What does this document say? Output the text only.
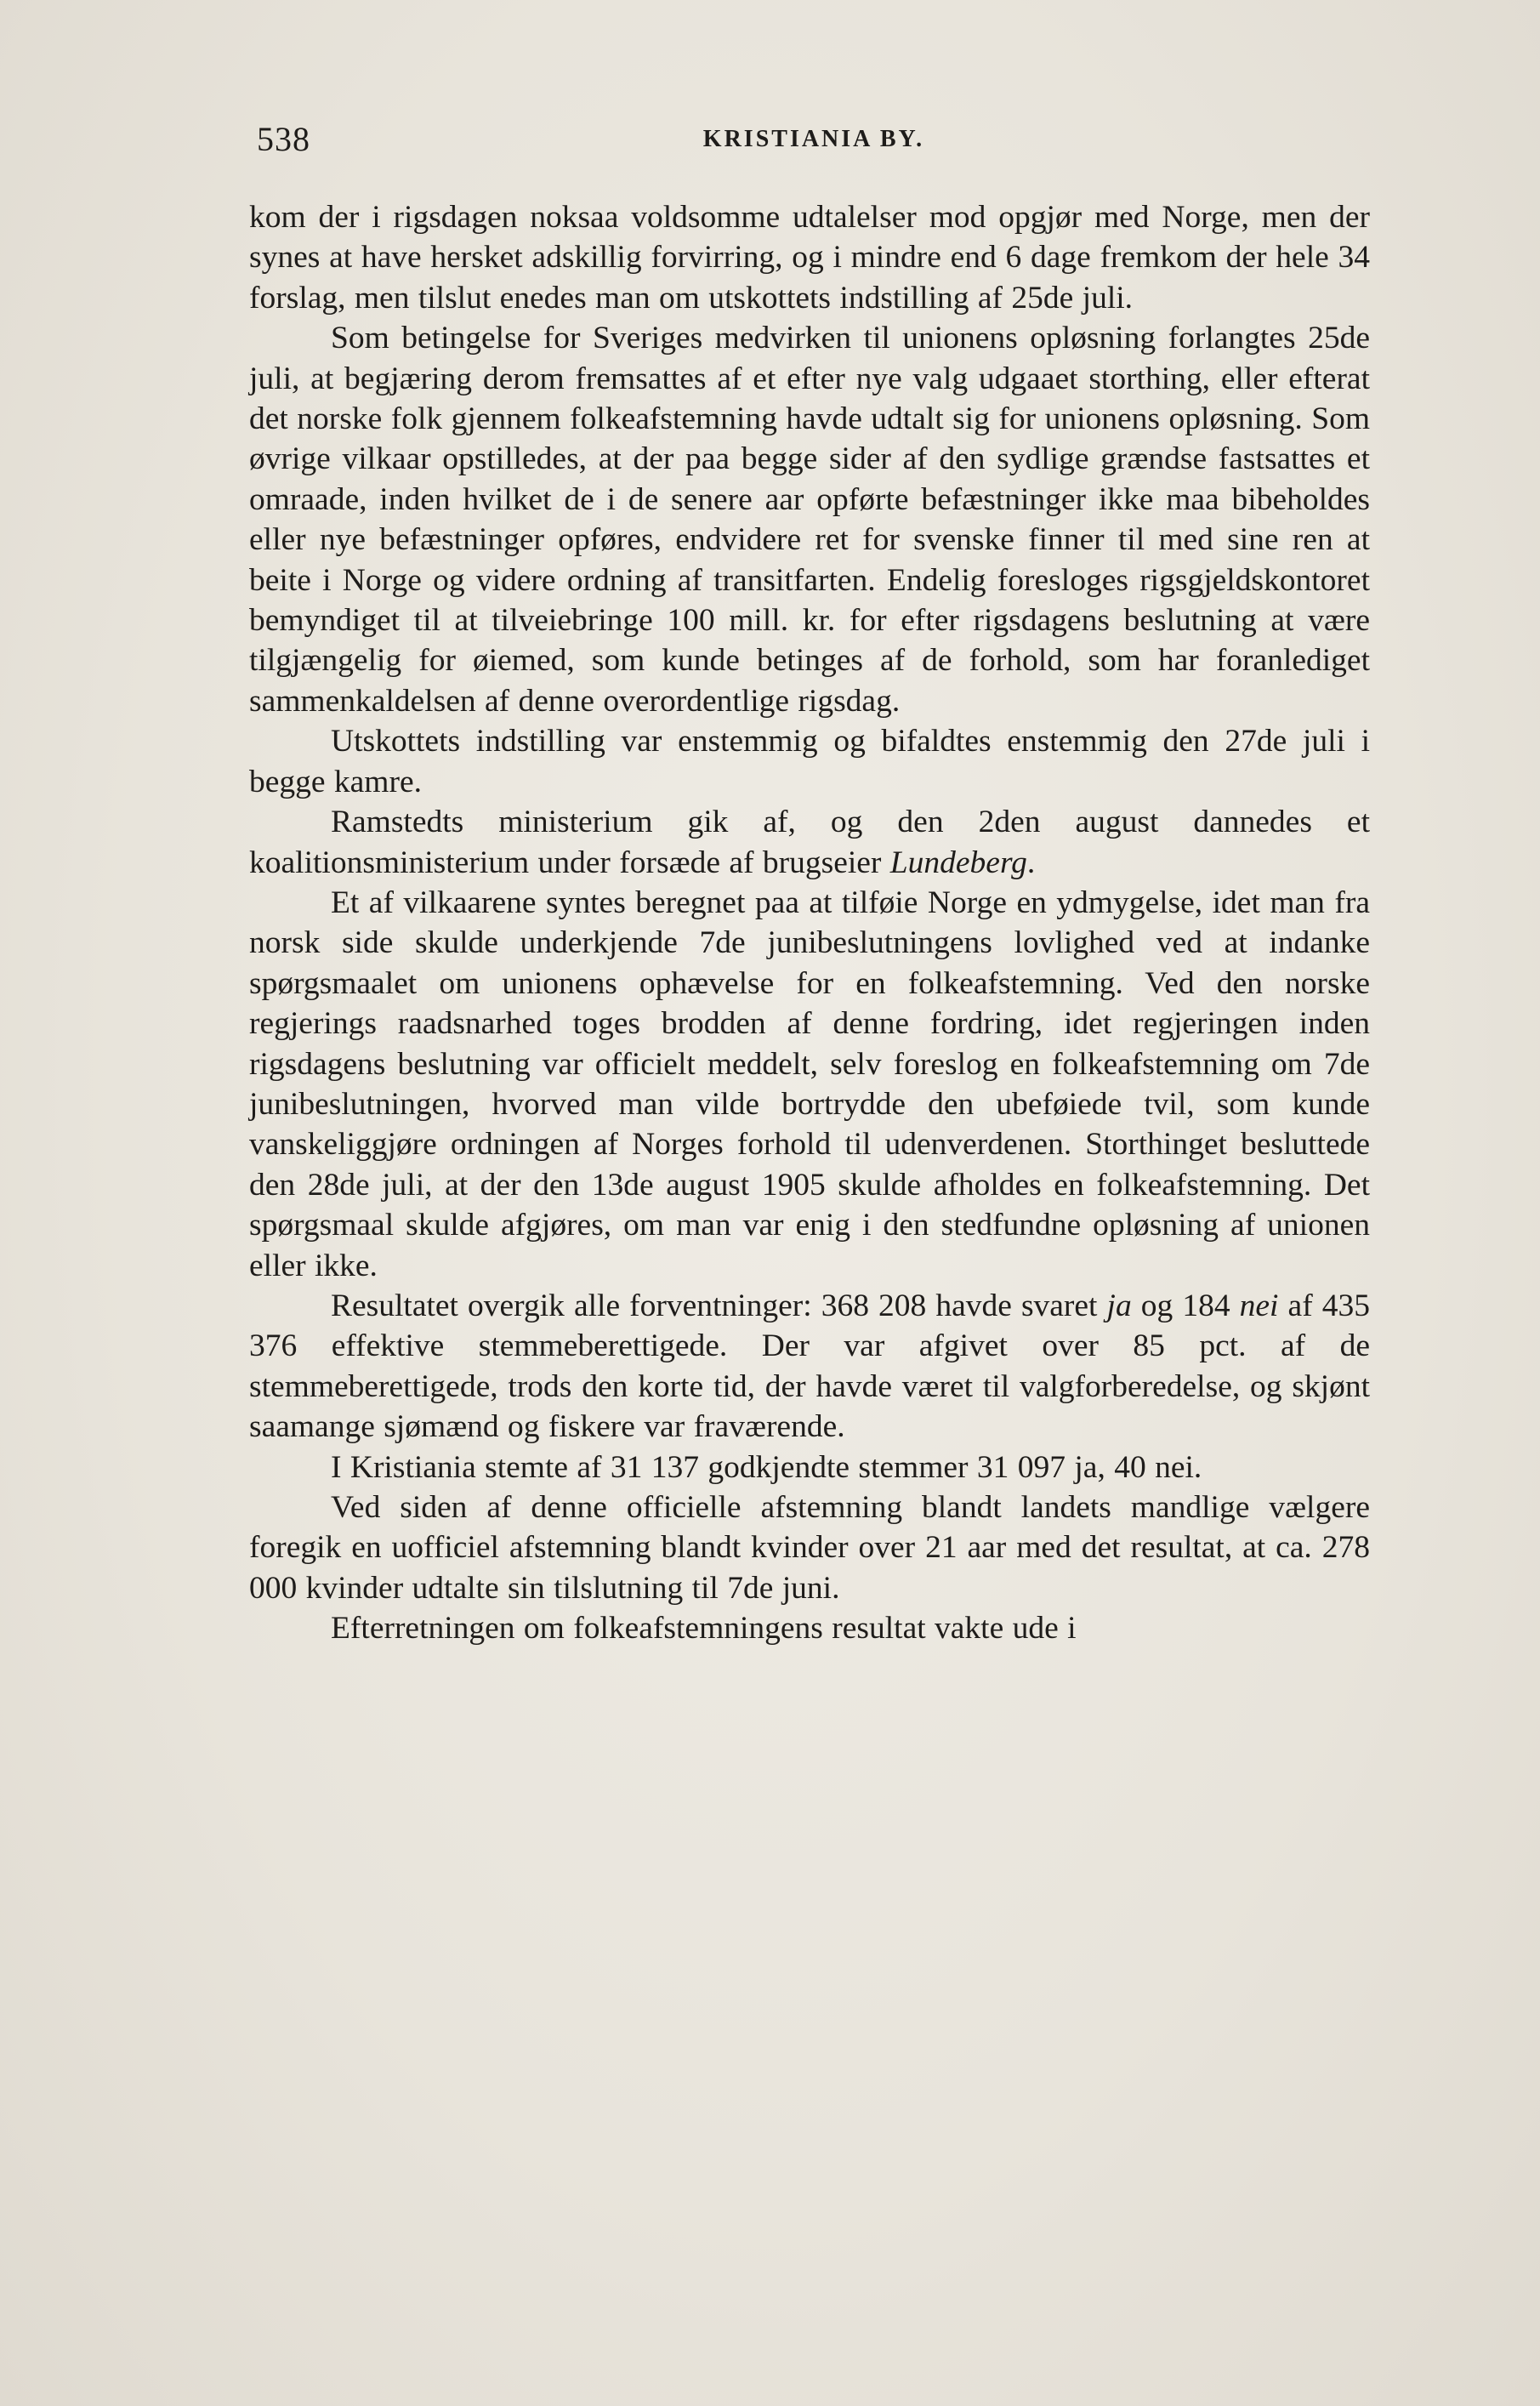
538	KRISTIANIA BY.

kom der i rigsdagen noksaa voldsomme udtalelser mod opgjør med Norge, men der synes at have hersket adskillig forvirring, og i mindre end 6 dage fremkom der hele 34 forslag, men tilslut enedes man om utskottets indstilling af 25de juli.

Som betingelse for Sveriges medvirken til unionens opløsning forlangtes 25de juli, at begjæring derom fremsattes af et efter nye valg udgaaet storthing, eller efterat det norske folk gjennem folkeafstemning havde udtalt sig for unionens opløsning. Som øvrige vilkaar opstilledes, at der paa begge sider af den sydlige grændse fastsattes et omraade, inden hvilket de i de senere aar opførte befæstninger ikke maa bibeholdes eller nye befæstninger opføres, endvidere ret for svenske finner til med sine ren at beite i Norge og videre ordning af transitfarten. Endelig foresloges rigsgjeldskontoret bemyndiget til at tilveiebringe 100 mill. kr. for efter rigsdagens beslutning at være tilgjængelig for øiemed, som kunde betinges af de forhold, som har foranlediget sammenkaldelsen af denne overordentlige rigsdag.

Utskottets indstilling var enstemmig og bifaldtes enstemmig den 27de juli i begge kamre.

Ramstedts ministerium gik af, og den 2den august dannedes et koalitionsministerium under forsæde af brugseier Lundeberg.

Et af vilkaarene syntes beregnet paa at tilføie Norge en ydmygelse, idet man fra norsk side skulde underkjende 7de junibeslutningens lovlighed ved at indanke spørgsmaalet om unionens ophævelse for en folkeafstemning. Ved den norske regjerings raadsnarhed toges brodden af denne fordring, idet regjeringen inden rigsdagens beslutning var officielt meddelt, selv foreslog en folkeafstemning om 7de junibeslutningen, hvorved man vilde bortrydde den ubeføiede tvil, som kunde vanskeliggjøre ordningen af Norges forhold til udenverdenen. Storthinget besluttede den 28de juli, at der den 13de august 1905 skulde afholdes en folkeafstemning. Det spørgsmaal skulde afgjøres, om man var enig i den stedfundne opløsning af unionen eller ikke.

Resultatet overgik alle forventninger: 368 208 havde svaret ja og 184 nei af 435 376 effektive stemmeberettigede. Der var afgivet over 85 pct. af de stemmeberettigede, trods den korte tid, der havde været til valgforberedelse, og skjønt saamange sjømænd og fiskere var fraværende.

I Kristiania stemte af 31 137 godkjendte stemmer 31 097 ja, 40 nei.

Ved siden af denne officielle afstemning blandt landets mandlige vælgere foregik en uofficiel afstemning blandt kvinder over 21 aar med det resultat, at ca. 278 000 kvinder udtalte sin tilslutning til 7de juni.

Efterretningen om folkeafstemningens resultat vakte ude i
